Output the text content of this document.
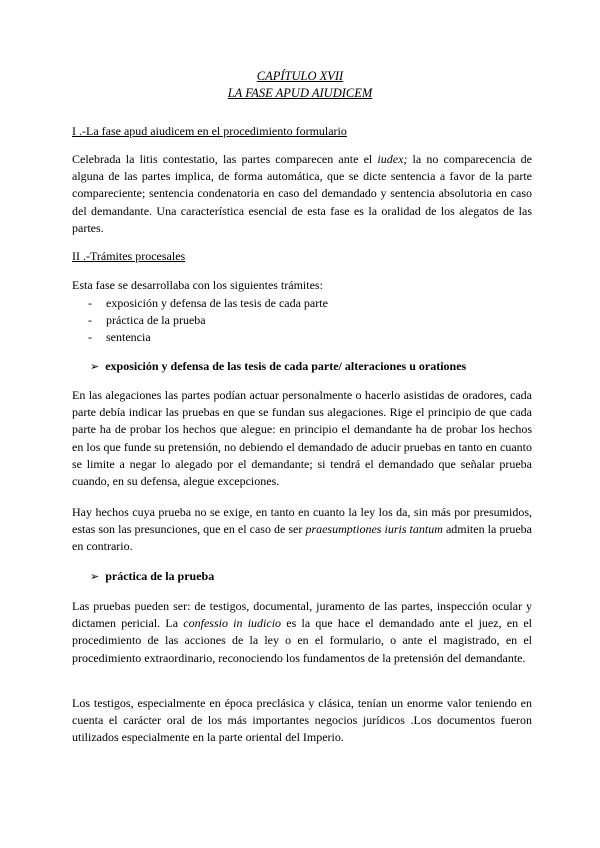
CAPÍTULO XVII
LA FASE APUD AIUDICEM
I .-La fase apud aiudicem en el procedimiento formulario
Celebrada la litis contestatio, las partes comparecen ante el iudex; la no comparecencia de alguna de las partes implica, de forma automática, que se dicte sentencia a favor de la parte compareciente; sentencia condenatoria en caso del demandado y sentencia absolutoria en caso del demandante. Una característica esencial de esta fase es la oralidad de los alegatos de las partes.
II .-Trámites procesales
Esta fase se desarrollaba con los siguientes trámites:
- exposición y defensa de las tesis de cada parte
- práctica de la prueba
- sentencia
➢ exposición y defensa de las tesis de cada parte/ alteraciones u orationes
En las alegaciones las partes podían actuar personalmente o hacerlo asistidas de oradores, cada parte debía indicar las pruebas en que se fundan sus alegaciones. Rige el principio de que cada parte ha de probar los hechos que alegue: en principio el demandante ha de probar los hechos en los que funde su pretensión, no debiendo el demandado de aducir pruebas en tanto en cuanto se limite a negar lo alegado por el demandante; si tendrá el demandado que señalar prueba cuando, en su defensa, alegue excepciones.
Hay hechos cuya prueba no se exige, en tanto en cuanto la ley los da, sin más por presumidos, estas son las presunciones, que en el caso de ser praesumptiones iuris tantum admiten la prueba en contrario.
➢ práctica de la prueba
Las pruebas pueden ser: de testigos, documental, juramento de las partes, inspección ocular y dictamen pericial. La confessio in iudicio es la que hace el demandado ante el juez, en el procedimiento de las acciones de la ley o en el formulario, o ante el magistrado, en el procedimiento extraordinario, reconociendo los fundamentos de la pretensión del demandante.
Los testigos, especialmente en época preclásica y clásica, tenían un enorme valor teniendo en cuenta el carácter oral de los más importantes negocios jurídicos .Los documentos fueron utilizados especialmente en la parte oriental del Imperio.
